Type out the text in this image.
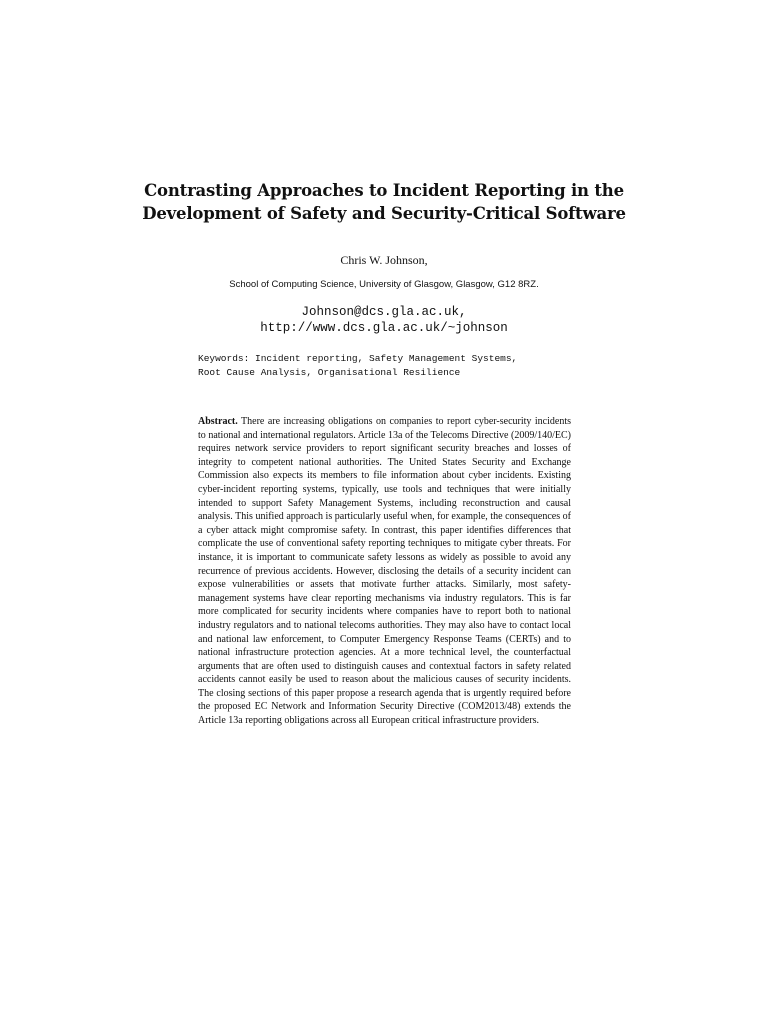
Contrasting Approaches to Incident Reporting in the
Development of Safety and Security-Critical Software
Chris W. Johnson,
School of Computing Science, University of Glasgow, Glasgow, G12 8RZ.
Johnson@dcs.gla.ac.uk,
http://www.dcs.gla.ac.uk/~johnson
Keywords: Incident reporting, Safety Management Systems,
Root Cause Analysis, Organisational Resilience
Abstract. There are increasing obligations on companies to report cyber-security incidents to national and international regulators. Article 13a of the Telecoms Directive (2009/140/EC) requires network service providers to report significant security breaches and losses of integrity to competent national authorities. The United States Security and Exchange Commission also expects its members to file information about cyber incidents. Existing cyber-incident reporting systems, typically, use tools and techniques that were initially intended to support Safety Management Systems, including reconstruction and causal analysis. This unified approach is particularly useful when, for example, the consequences of a cyber attack might compromise safety. In contrast, this paper identifies differences that complicate the use of conventional safety reporting techniques to mitigate cyber threats. For instance, it is important to communicate safety lessons as widely as possible to avoid any recurrence of previous accidents. However, disclosing the details of a security incident can expose vulnerabilities or assets that motivate further attacks. Similarly, most safety-management systems have clear reporting mechanisms via industry regulators. This is far more complicated for security incidents where companies have to report both to national industry regulators and to national telecoms authorities. They may also have to contact local and national law enforcement, to Computer Emergency Response Teams (CERTs) and to national infrastructure protection agencies. At a more technical level, the counterfactual arguments that are often used to distinguish causes and contextual factors in safety related accidents cannot easily be used to reason about the malicious causes of security incidents. The closing sections of this paper propose a research agenda that is urgently required before the proposed EC Network and Information Security Directive (COM2013/48) extends the Article 13a reporting obligations across all European critical infrastructure providers.
